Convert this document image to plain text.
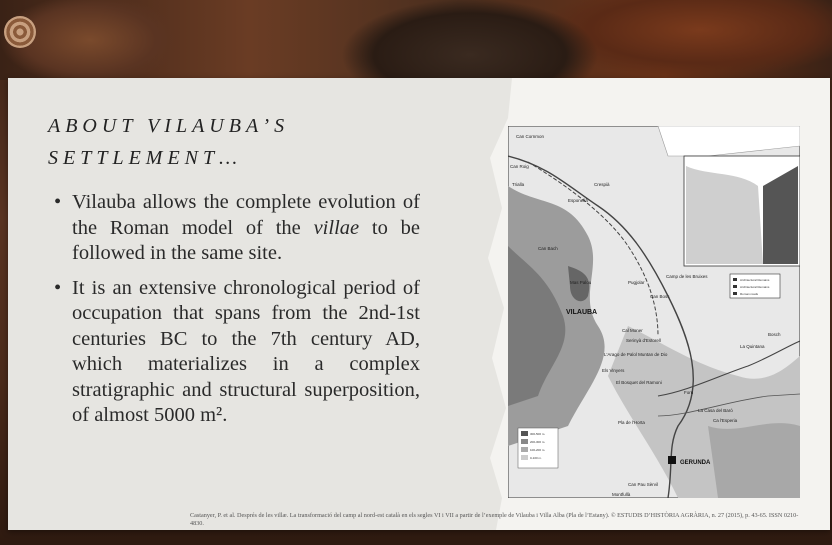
ABOUT VILAUBA’S
SETTLEMENT…
• Vilauba allows the complete evolution of the Roman model of the villae to be followed in the same site.
• It is an extensive chronological period of occupation that spans from the 2nd-1st centuries BC to the 7th century AD, which materializes in a complex stratigraphic and structural superposition, of almost 5000 m².
Architectural Remains
Architectural Remains
Roman roads
300-500 m.
200-300 m.
100-200 m.
0-100 m.
Can Cornmon
Can Roig
Trialla	Crespià
Esponellà
Can Bach
Mas Palou
Camp de les Bruixes
Pugjolar
Can Bosc
Cal Moner
Serinyà d'Estorell
L'Arago de Palol Muntan de Dio
Els Vinyers
El Bosquet del Ramoni
Forn
La Quintana
Bosch
La Casa del Baró
Ca l'Esperia
Pla de l'Horta
Can Pau Sèrvil
Montfullà
VILAUBA
GERUNDA
Castanyer, P. et al. Després de les villæ. La transformació del camp al nord-est català en els segles VI i VII a partir de l’exemple de Vilauba i Villa Alba (Pla de l’Estany). © ESTUDIS D’HISTÒRIA AGRÀRIA, n. 27 (2015), p. 43-65. ISSN 0210-4830.
